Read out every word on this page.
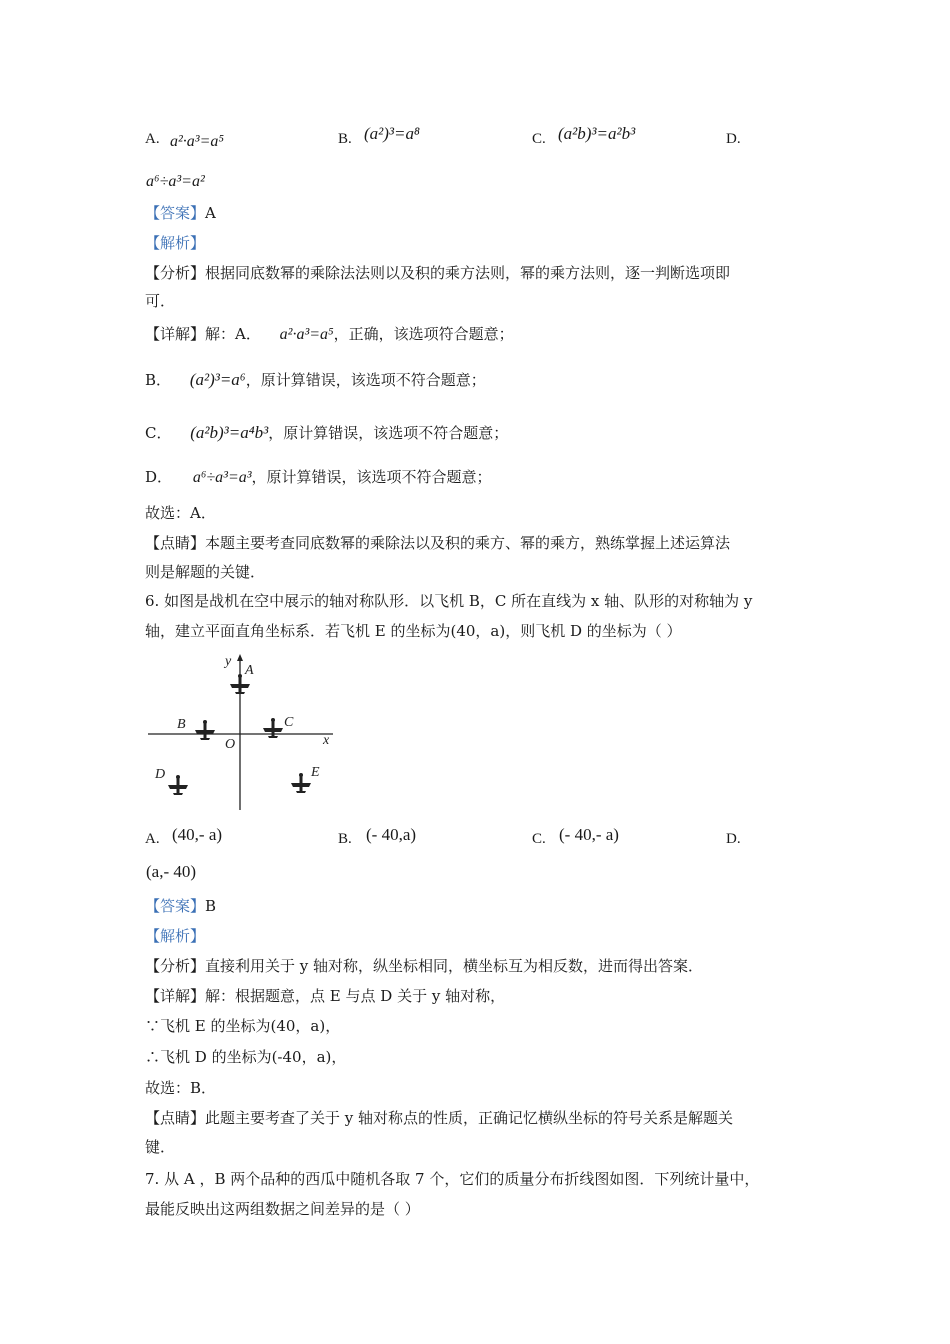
A. a²·a³=a⁵	B. (a²)³=a⁸	C. (a²b)³=a²b³	D.
a⁶÷a³=a²
【答案】A
【解析】
【分析】根据同底数幂的乘除法法则以及积的乘方法则，幂的乘方法则，逐一判断选项即
可．
【详解】解：A． a²·a³=a⁵，正确，该选项符合题意；
B． (a²)³=a⁶，原计算错误，该选项不符合题意；
C． (a²b)³=a⁴b³，原计算错误，该选项不符合题意；
D． a⁶÷a³=a³，原计算错误，该选项不符合题意；
故选：A．
【点睛】本题主要考查同底数幂的乘除法以及积的乘方、幂的乘方，熟练掌握上述运算法
则是解题的关键．
6. 如图是战机在空中展示的轴对称队形．以飞机 B，C 所在直线为 x 轴、队形的对称轴为 y
轴，建立平面直角坐标系．若飞机 E 的坐标为(40，a)，则飞机 D 的坐标为（ ）
y
x
O
A
B	C
D	E
A. (40,- a)	B. (- 40,a)	C. (- 40,- a)	D.
(a,- 40)
【答案】B
【解析】
【分析】直接利用关于 y 轴对称，纵坐标相同，横坐标互为相反数，进而得出答案．
【详解】解：根据题意，点 E 与点 D 关于 y 轴对称，
∵飞机 E 的坐标为(40，a)，
∴飞机 D 的坐标为(-40，a)，
故选：B．
【点睛】此题主要考查了关于 y 轴对称点的性质，正确记忆横纵坐标的符号关系是解题关
键．
7. 从 A ，B 两个品种的西瓜中随机各取 7 个，它们的质量分布折线图如图．下列统计量中，
最能反映出这两组数据之间差异的是（ ）
